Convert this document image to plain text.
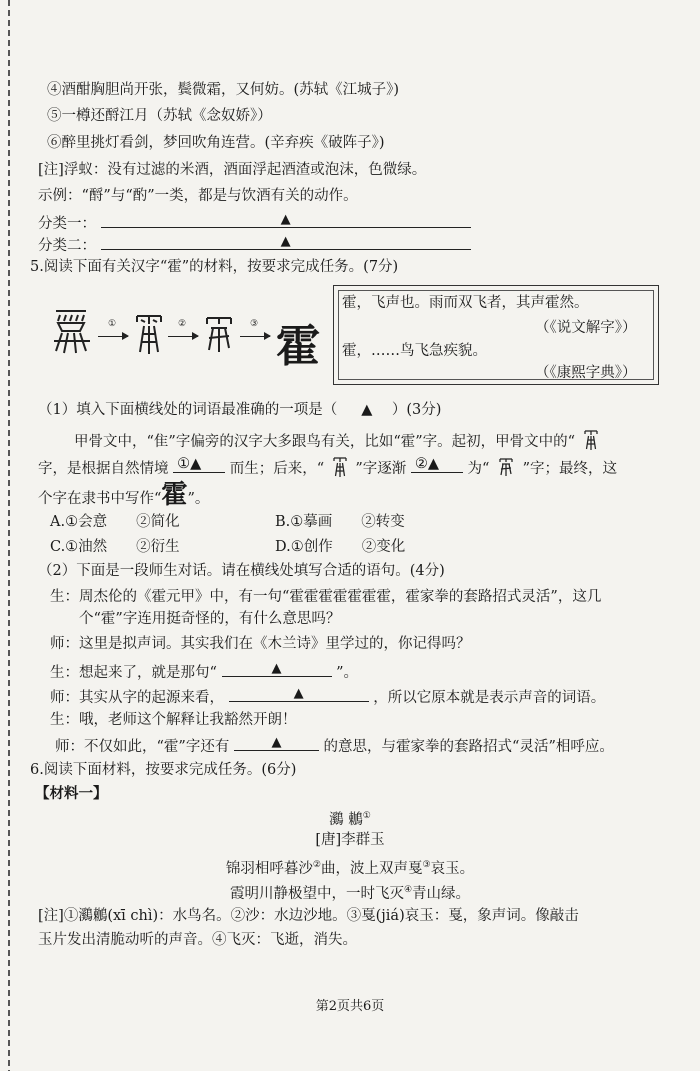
④酒酣胸胆尚开张，鬓微霜，又何妨。(苏轼《江城子》)
⑤一樽还酹江月（苏轼《念奴娇》）
⑥醉里挑灯看剑，梦回吹角连营。(辛弃疾《破阵子》)
[注]浮蚁：没有过滤的米酒，酒面浮起酒渣或泡沫，色微绿。
示例：“酹”与“酌”一类，都是与饮酒有关的动作。
分类一：	▲
分类二：	▲
5.阅读下面有关汉字“霍”的材料，按要求完成任务。(7分)
①	②	③ 霍
霍，飞声也。雨而双飞者，其声霍然。
（《说文解字》）
霍，……鸟飞急疾貌。
（《康熙字典》）
（1）填入下面横线处的词语最准确的一项是（ ▲ ）(3分)
甲骨文中，“隹”字偏旁的汉字大多跟鸟有关，比如“霍”字。起初，甲骨文中的“
字，是根据自然情境 ①▲ 而生；后来，“ ”字逐渐 ②▲ 为“ ”字；最终，这
个字在隶书中写作“霍”。
A.①会意　　②简化	B.①摹画　　②转变
C.①油然　　②衍生	D.①创作　　②变化
（2）下面是一段师生对话。请在横线处填写合适的语句。(4分)
生：周杰伦的《霍元甲》中，有一句“霍霍霍霍霍霍霍，霍家拳的套路招式灵活”，这几
　　个“霍”字连用挺奇怪的，有什么意思吗？
师：这里是拟声词。其实我们在《木兰诗》里学过的，你记得吗？
生：想起来了，就是那句“	▲	”。
师：其实从字的起源来看，	▲	，所以它原本就是表示声音的词语。
生：哦，老师这个解释让我豁然开朗！
师：不仅如此，“霍”字还有	▲	的意思，与霍家拳的套路招式“灵活”相呼应。
6.阅读下面材料，按要求完成任务。(6分)
【材料一】
鸂 鶒①
[唐]李群玉
锦羽相呼暮沙②曲，波上双声戛③哀玉。
霞明川静极望中，一时飞灭④青山绿。
[注]①鸂鶒(xī chì)：水鸟名。②沙：水边沙地。③戛(jiá)哀玉：戛，象声词。像敲击
玉片发出清脆动听的声音。④飞灭：飞逝，消失。
第2页共6页
